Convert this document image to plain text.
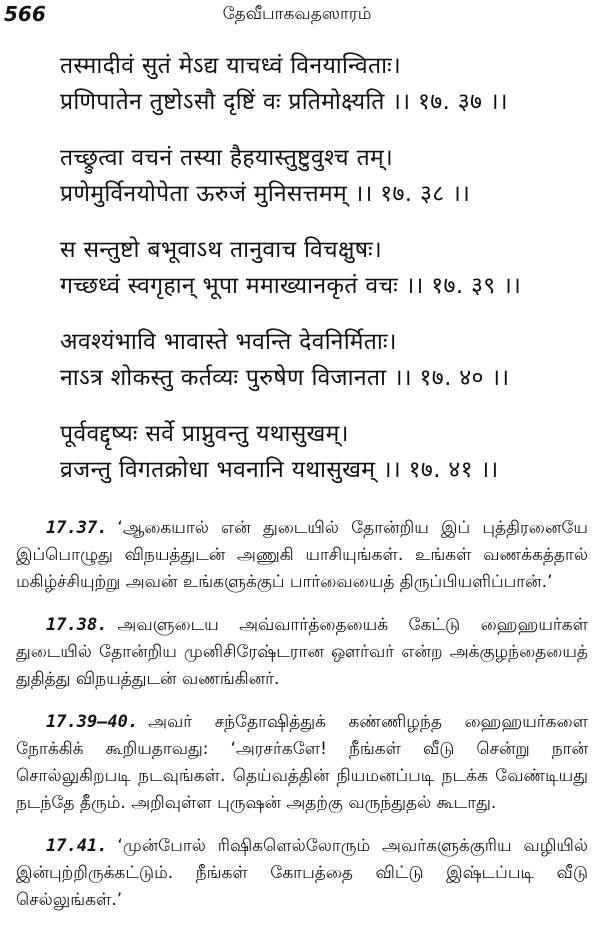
566	தேவீபாகவதஸாரம்
तस्मादीवं सुतं मेऽद्य याचध्वं विनयान्विताः।
प्रणिपातेन तुष्टोऽसौ दृष्टिं वः प्रतिमोक्ष्यति ।। १७. ३७ ।।
तच्छ्रुत्वा वचनं तस्या हैहयास्तुष्टुवुश्च तम्।
प्रणेमुर्विनयोपेता ऊरुजं मुनिसत्तमम् ।। १७. ३८ ।।
स सन्तुष्टो बभूवाऽथ तानुवाच विचक्षुषः।
गच्छध्वं स्वगृहान् भूपा ममाख्यानकृतं वचः ।। १७. ३९ ।।
अवश्यंभावि भावास्ते भवन्ति देवनिर्मिताः।
नाऽत्र शोकस्तु कर्तव्यः पुरुषेण विजानता ।। १७. ४० ।।
पूर्ववद्दृष्यः सर्वे प्राप्नुवन्तु यथासुखम्।
व्रजन्तु विगतक्रोधा भवनानि यथासुखम् ।। १७. ४१ ।।

17.37. ‘ஆகையால் என் துடையில் தோன்றிய இப் புத்திரனையே இப்பொழுது விநயத்துடன் அணுகி யாசியுங்கள். உங்கள் வணக்கத்தால் மகிழ்ச்சியுற்று அவன் உங்களுக்குப் பார்வையைத் திருப்பியளிப்பான்.’

17.38. அவளுடைய அவ்வார்த்தையைக் கேட்டு ஹைஹயர்கள் துடையில் தோன்றிய முனிசிரேஷ்டரான ஔர்வர் என்ற அக்குழந்தையைத் துதித்து விநயத்துடன் வணங்கினர்.

17.39–40. அவர் சந்தோஷித்துக் கண்ணிழந்த ஹைஹயர்களை நோக்கிக் கூறியதாவது: ‘அரசர்களே! நீங்கள் வீடு சென்று நான் சொல்லுகிறபடி நடவுங்கள். தெய்வத்தின் நியமனப்படி நடக்க வேண்டியது நடந்தே தீரும். அறிவுள்ள புருஷன் அதற்கு வருந்துதல் கூடாது.

17.41. ‘முன்போல் ரிஷிகளெல்லோரும் அவர்களுக்குரிய வழியில் இன்புற்றிருக்கட்டும். நீங்கள் கோபத்தை விட்டு இஷ்டப்படி வீடு செல்லுங்கள்.’
